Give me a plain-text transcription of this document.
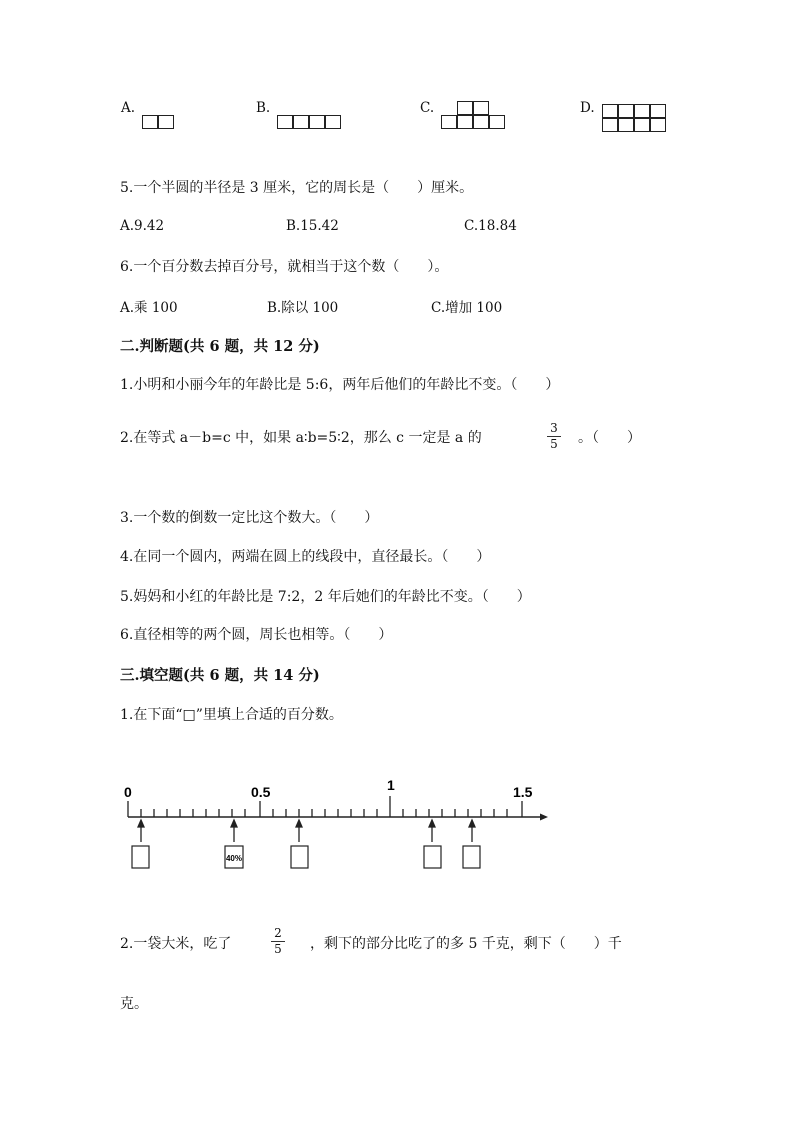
A.	B.	C.	D.
5.一个半圆的半径是 3 厘米，它的周长是（　　）厘米。
A.9.42	B.15.42	C.18.84
6.一个百分数去掉百分号，就相当于这个数（　　）。
A.乘 100	B.除以 100	C.增加 100
二.判断题(共 6 题，共 12 分)
1.小明和小丽今年的年龄比是 5:6，两年后他们的年龄比不变。（　　）
2.在等式 a－b=c 中，如果 a∶b=5∶2，那么 c 一定是 a 的
3
5 。（　　）
3.一个数的倒数一定比这个数大。（　　）
4.在同一个圆内，两端在圆上的线段中，直径最长。（　　）
5.妈妈和小红的年龄比是 7:2，2 年后她们的年龄比不变。（　　）
6.直径相等的两个圆，周长也相等。（　　）
三.填空题(共 6 题，共 14 分)
1.在下面“□”里填上合适的百分数。
0	0.5	1	1.5
40%
2.一袋大米，吃了
2
5 ，剩下的部分比吃了的多 5 千克，剩下（　　）千
克。
